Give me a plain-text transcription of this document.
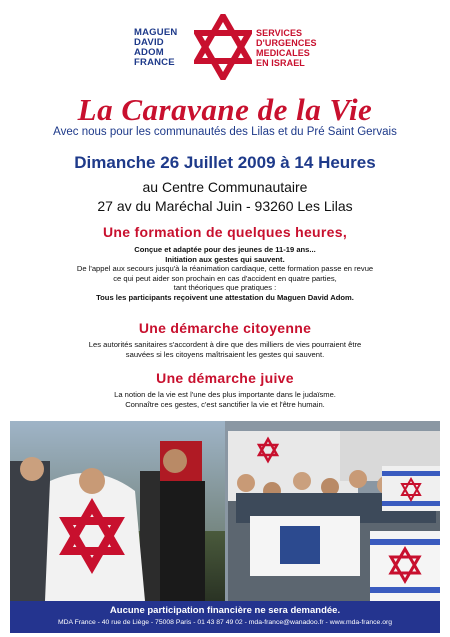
MAGUEN
DAVID
ADOM
FRANCE
SERVICES
D'URGENCES
MEDICALES
EN ISRAEL
La Caravane de la Vie
Avec nous pour les communautés des Lilas et du Pré Saint Gervais
Dimanche 26 Juillet 2009 à 14 Heures
au Centre Communautaire
27 av du Maréchal Juin - 93260 Les Lilas
Une formation de quelques heures,
Conçue et adaptée pour des jeunes de 11-19 ans...
Initiation aux gestes qui sauvent.
De l'appel aux secours jusqu'à la réanimation cardiaque, cette formation passe en revue
ce qui peut aider son prochain en cas d'accident en quatre parties,
tant théoriques que pratiques :
Tous les participants reçoivent une attestation du Maguen David Adom.
Une démarche citoyenne
Les autorités sanitaires s'accordent à dire que des milliers de vies pourraient être
sauvées si les citoyens maîtrisaient les gestes qui sauvent.
Une démarche juive
La notion de la vie est l'une des plus importante dans le judaïsme.
Connaître ces gestes, c'est sanctifier la vie et l'être humain.
Aucune participation financière ne sera demandée.
MDA France - 40 rue de Liège - 75008 Paris - 01 43 87 49 02 - mda-france@wanadoo.fr - www.mda-france.org
